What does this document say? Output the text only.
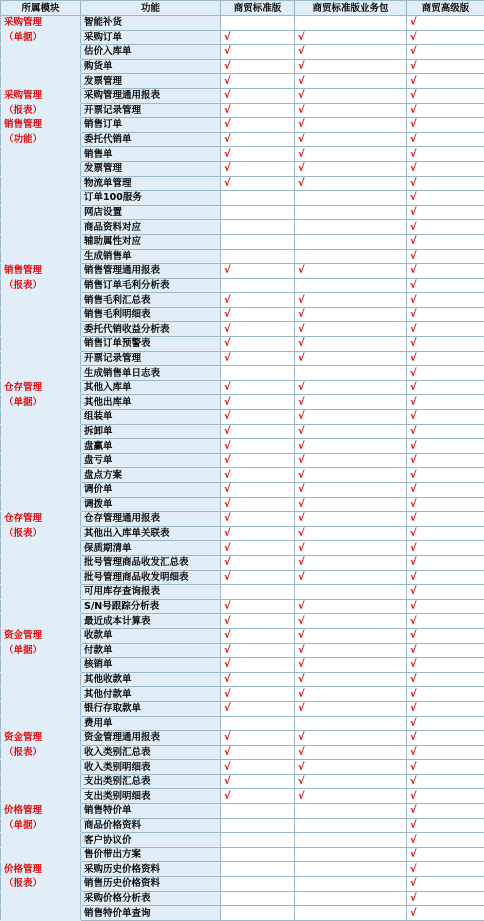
所属模块	功能	商贸标准版	商贸标准版业务包	商贸高级版
采购管理	智能补货			√
（单据）	采购订单	√	√	√
	估价入库单	√	√	√
	购货单	√	√	√
	发票管理	√	√	√
采购管理	采购管理通用报表	√	√	√
（报表）	开票记录管理	√	√	√
销售管理	销售订单	√	√	√
（功能）	委托代销单	√	√	√
	销售单	√	√	√
	发票管理	√	√	√
	物流单管理	√	√	√
	订单100服务			√
	网店设置			√
	商品资料对应			√
	辅助属性对应			√
	生成销售单			√
销售管理	销售管理通用报表	√	√	√
（报表）	销售订单毛利分析表			√
	销售毛利汇总表	√	√	√
	销售毛利明细表	√	√	√
	委托代销收益分析表	√	√	√
	销售订单预警表	√	√	√
	开票记录管理	√	√	√
	生成销售单日志表			√
仓存管理	其他入库单	√	√	√
（单据）	其他出库单	√	√	√
	组装单	√	√	√
	拆卸单	√	√	√
	盘赢单	√	√	√
	盘亏单	√	√	√
	盘点方案	√	√	√
	调价单	√	√	√
	调拨单	√	√	√
仓存管理	仓存管理通用报表	√	√	√
（报表）	其他出入库单关联表	√	√	√
	保质期清单	√	√	√
	批号管理商品收发汇总表	√	√	√
	批号管理商品收发明细表	√	√	√
	可用库存查询报表			√
	S/N号跟踪分析表	√	√	√
	最近成本计算表	√	√	√
资金管理	收款单	√	√	√
（单据）	付款单	√	√	√
	核销单	√	√	√
	其他收款单	√	√	√
	其他付款单	√	√	√
	银行存取款单	√	√	√
	费用单			√
资金管理	资金管理通用报表	√	√	√
（报表）	收入类别汇总表	√	√	√
	收入类别明细表	√	√	√
	支出类别汇总表	√	√	√
	支出类别明细表	√	√	√
价格管理	销售特价单			√
（单据）	商品价格资料			√
	客户协议价			√
	售价带出方案			√
价格管理	采购历史价格资料			√
（报表）	销售历史价格资料			√
	采购价格分析表			√
	销售特价单查询			√
